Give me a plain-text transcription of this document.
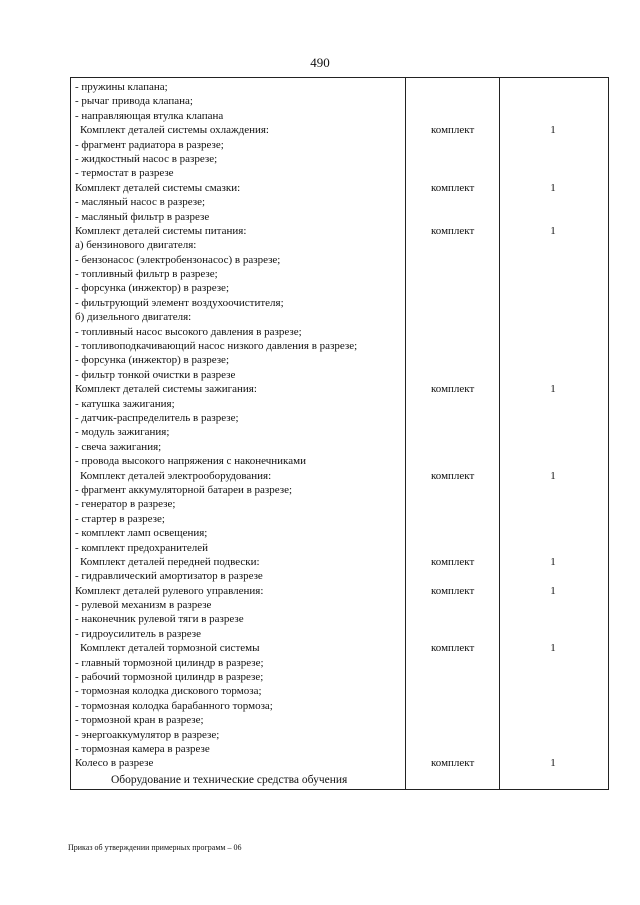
490
- пружины клапана;
- рычаг привода клапана;
- направляющая втулка клапана
Комплект деталей системы охлаждения:	комплект	1
- фрагмент радиатора в разрезе;
- жидкостный насос в разрезе;
- термостат в разрезе
Комплект деталей системы смазки:	комплект	1
- масляный насос в разрезе;
- масляный фильтр в разрезе
Комплект деталей системы питания:	комплект	1
а) бензинового двигателя:
- бензонасос (электробензонасос) в разрезе;
- топливный фильтр в разрезе;
- форсунка (инжектор) в разрезе;
- фильтрующий элемент воздухоочистителя;
б) дизельного двигателя:
- топливный насос высокого давления в разрезе;
- топливоподкачивающий насос низкого давления в разрезе;
- форсунка (инжектор) в разрезе;
- фильтр тонкой очистки в разрезе
Комплект деталей системы зажигания:	комплект	1
- катушка зажигания;
- датчик-распределитель в разрезе;
- модуль зажигания;
- свеча зажигания;
- провода высокого напряжения с наконечниками
Комплект деталей электрооборудования:	комплект	1
- фрагмент аккумуляторной батареи в разрезе;
- генератор в разрезе;
- стартер в разрезе;
- комплект ламп освещения;
- комплект предохранителей
Комплект деталей передней подвески:	комплект	1
- гидравлический амортизатор в разрезе
Комплект деталей рулевого управления:	комплект	1
- рулевой механизм в разрезе
- наконечник рулевой тяги в разрезе
- гидроусилитель в разрезе
Комплект деталей тормозной системы	комплект	1
- главный тормозной цилиндр в разрезе;
- рабочий тормозной цилиндр в разрезе;
- тормозная колодка дискового тормоза;
- тормозная колодка барабанного тормоза;
- тормозной кран в разрезе;
- энергоаккумулятор в разрезе;
- тормозная камера в разрезе
Колесо в разрезе	комплект	1
Оборудование и технические средства обучения
Приказ об утверждении примерных программ – 06
